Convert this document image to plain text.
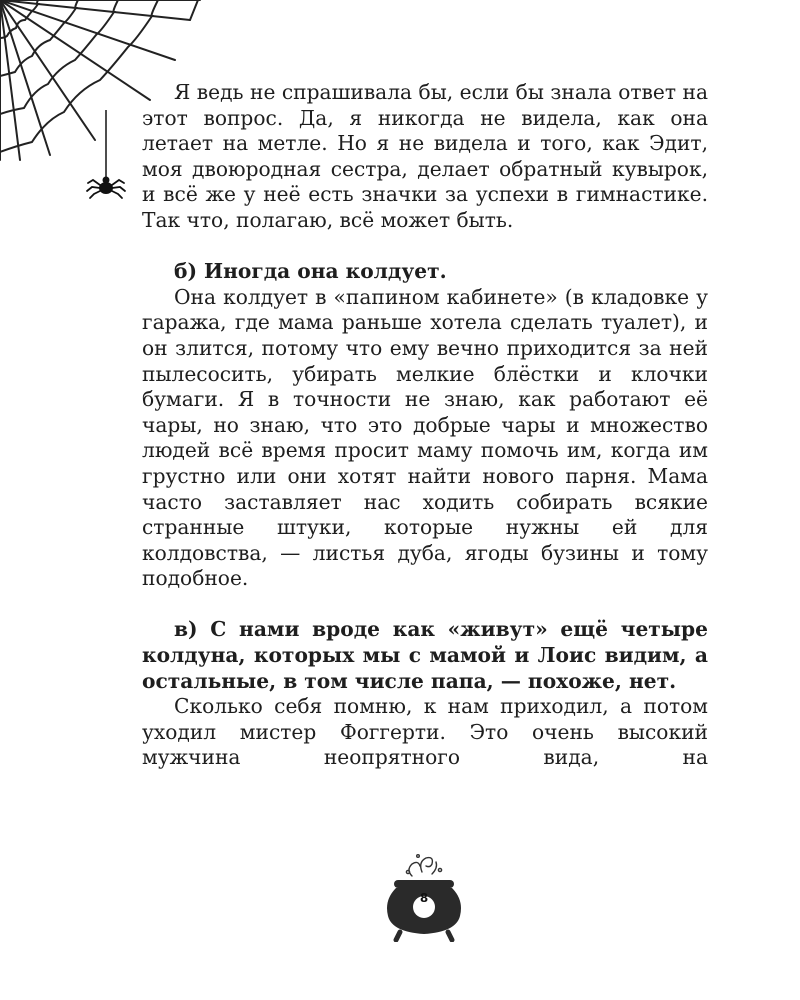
Я ведь не спрашивала бы, если бы знала ответ на этот вопрос. Да, я никогда не видела, как она летает на метле. Но я не видела и того, как Эдит, моя двоюродная сестра, делает обратный кувырок, и всё же у неё есть значки за успехи в гимнастике. Так что, полагаю, всё может быть.

б) Иногда она колдует.

Она колдует в «папином кабинете» (в кладовке у гаража, где мама раньше хотела сделать туалет), и он злится, потому что ему вечно приходится за ней пылесосить, убирать мелкие блёстки и клочки бумаги. Я в точности не знаю, как работают её чары, но знаю, что это добрые чары и множество людей всё время просит маму помочь им, когда им грустно или они хотят найти нового парня. Мама часто заставляет нас ходить собирать всякие странные штуки, которые нужны ей для колдовства, — листья дуба, ягоды бузины и тому подобное.

в) С нами вроде как «живут» ещё четыре колдуна, которых мы с мамой и Лоис видим, а остальные, в том числе папа, — похоже, нет.

Сколько себя помню, к нам приходил, а потом уходил мистер Фоггерти. Это очень высокий мужчина неопрятного вида, на

8
